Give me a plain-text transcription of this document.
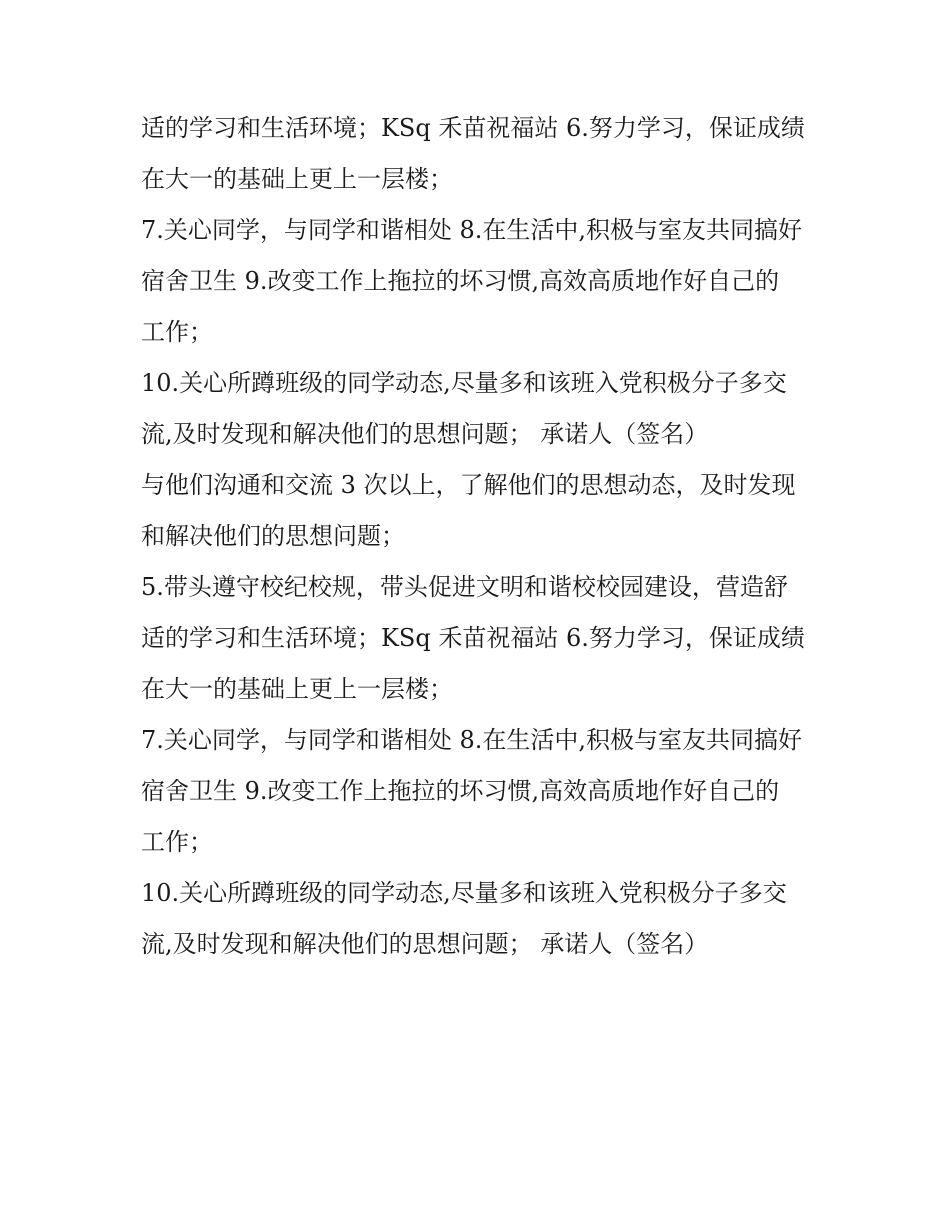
适的学习和生活环境；KSq 禾苗祝福站 6.努力学习，保证成绩
在大一的基础上更上一层楼；
7.关心同学，与同学和谐相处 8.在生活中,积极与室友共同搞好
宿舍卫生 9.改变工作上拖拉的坏习惯,高效高质地作好自己的
工作；
10.关心所蹲班级的同学动态,尽量多和该班入党积极分子多交
流,及时发现和解决他们的思想问题； 承诺人（签名）
与他们沟通和交流 3 次以上，了解他们的思想动态，及时发现
和解决他们的思想问题；
5.带头遵守校纪校规，带头促进文明和谐校校园建设，营造舒
适的学习和生活环境；KSq 禾苗祝福站 6.努力学习，保证成绩
在大一的基础上更上一层楼；
7.关心同学，与同学和谐相处 8.在生活中,积极与室友共同搞好
宿舍卫生 9.改变工作上拖拉的坏习惯,高效高质地作好自己的
工作；
10.关心所蹲班级的同学动态,尽量多和该班入党积极分子多交
流,及时发现和解决他们的思想问题； 承诺人（签名）
